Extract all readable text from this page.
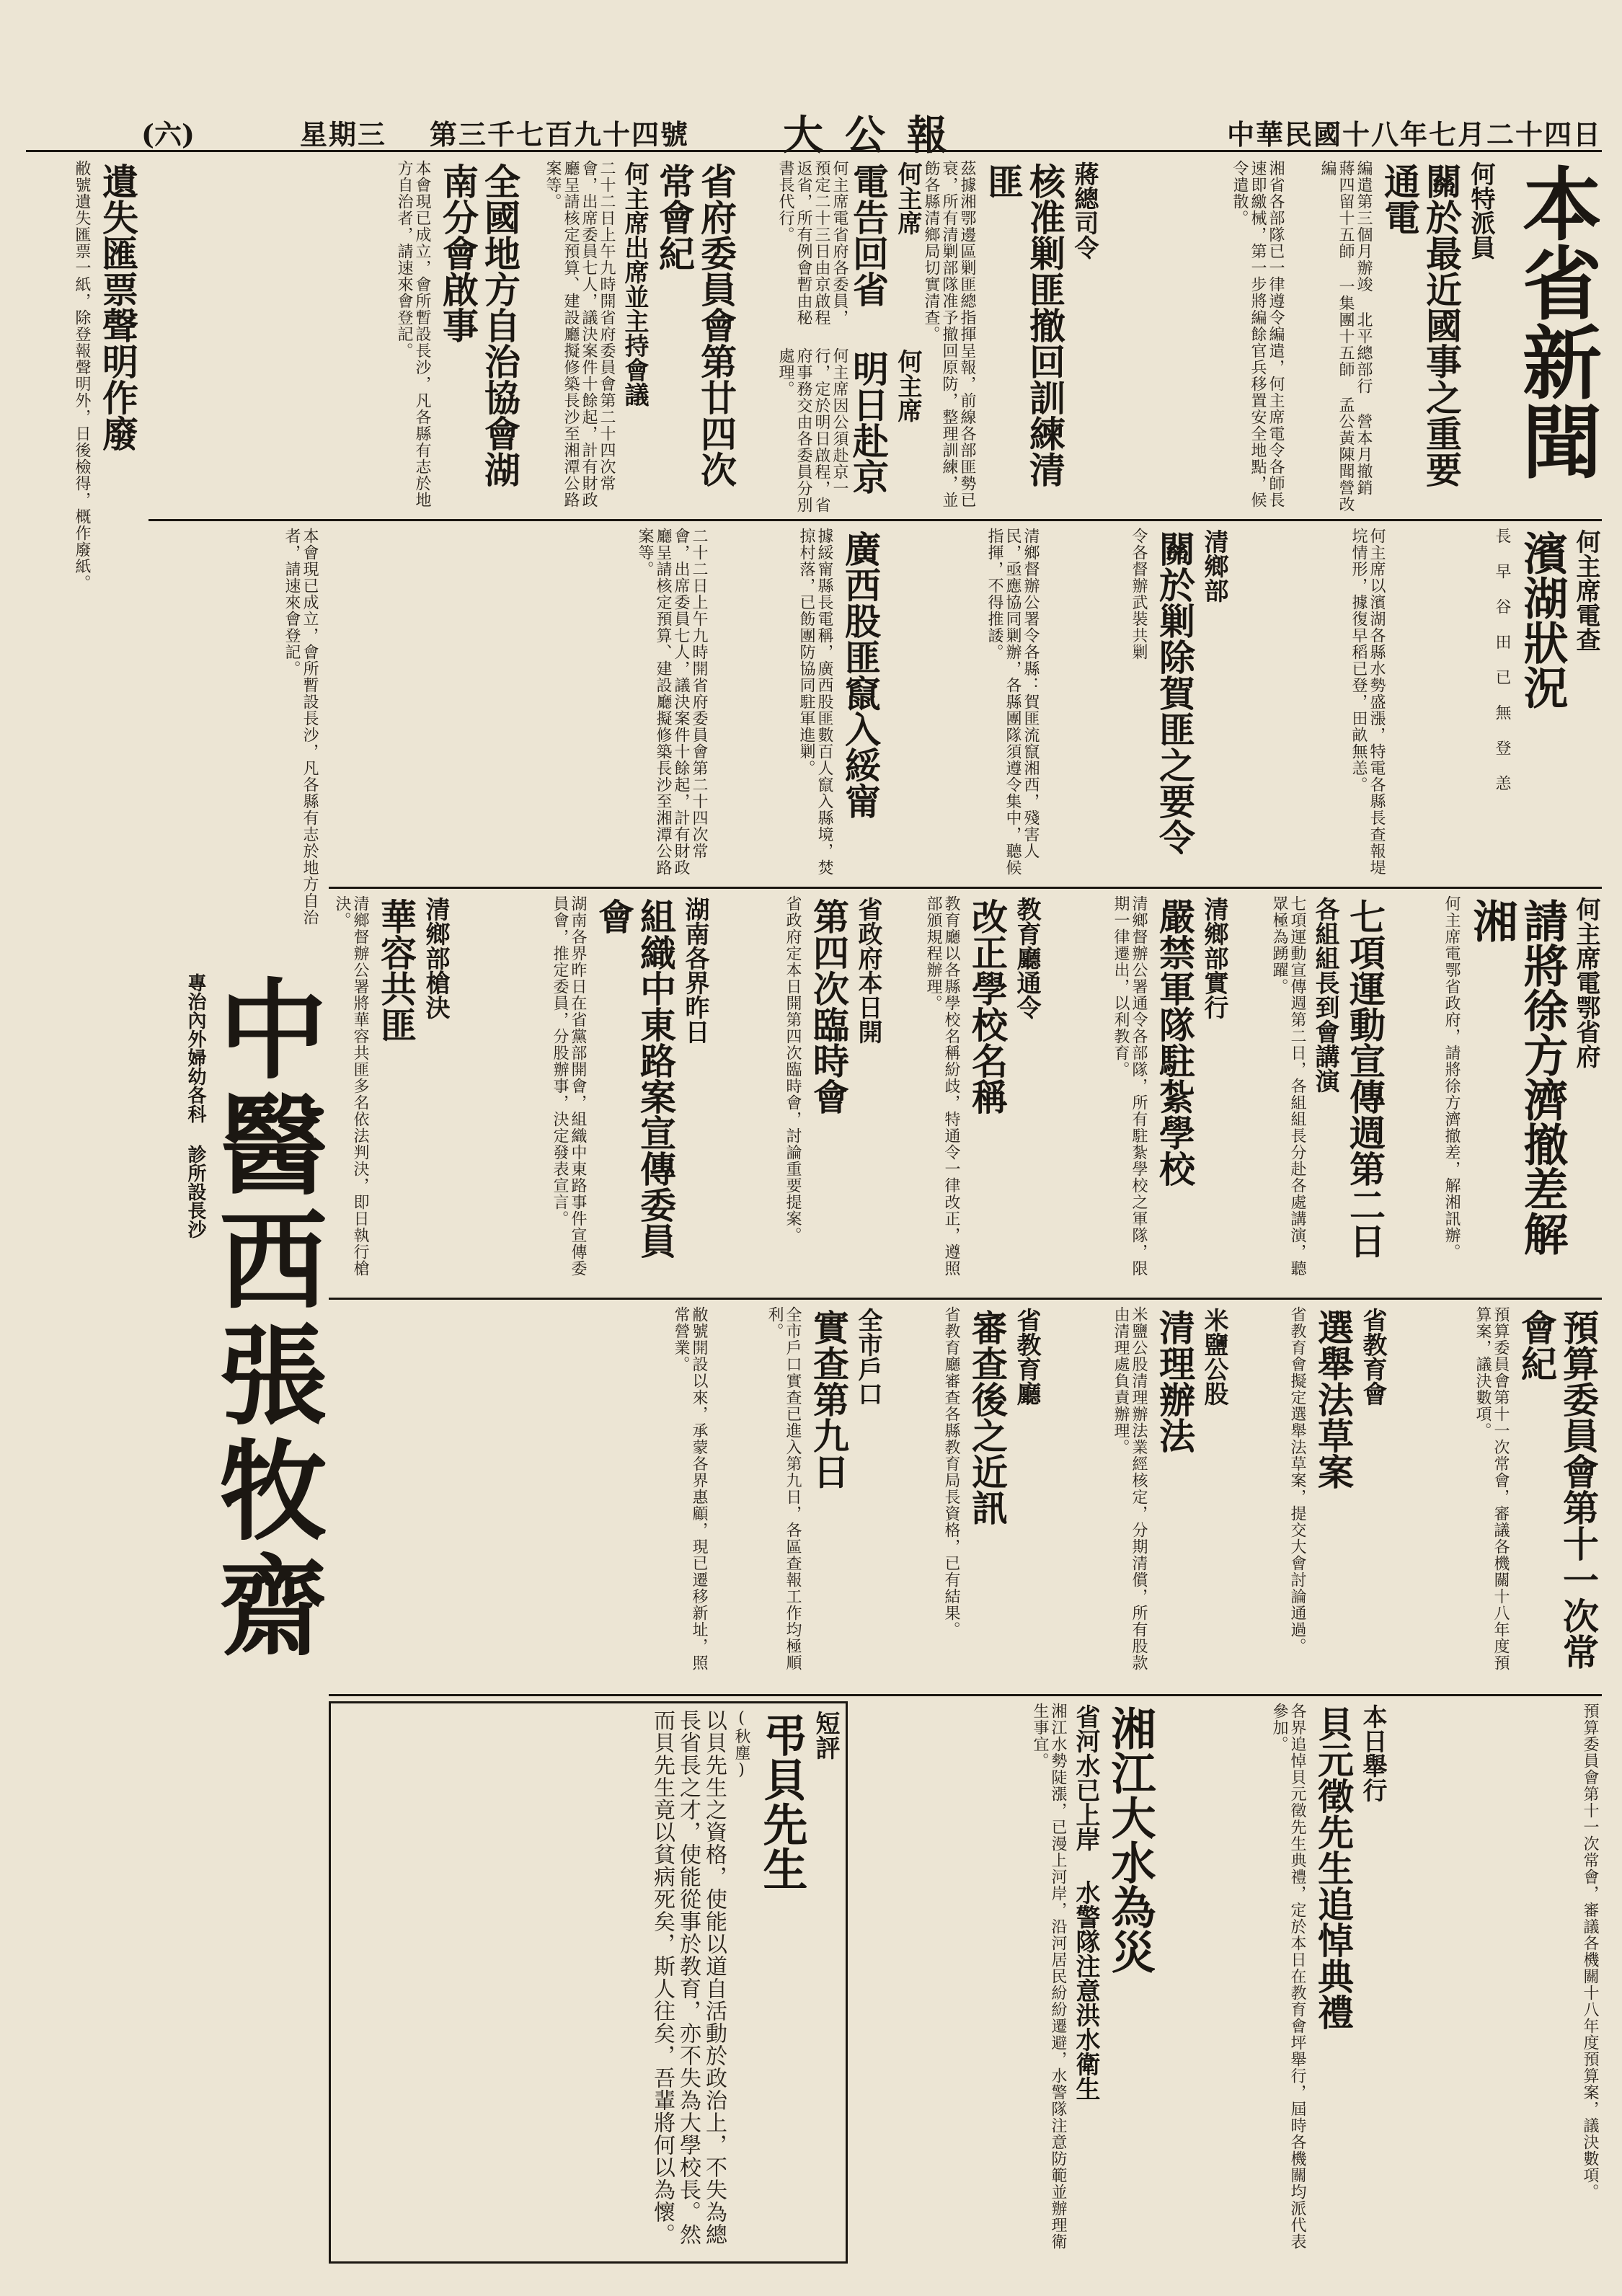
(六)	星期三 第三千七百九十四號 大公報	中華民國十八年七月二十四日
本省新聞
何特派員
關於最近國事之重要通電
編遣第三個月辦竣 北平總部行 營本月撤銷 蔣四留十五師 一集團十五師 孟公黃陳聞營改編
湘省各部隊已一律遵令編遣，何主席電令各師長速即繳械，第一步將編餘官兵移置安全地點，候令遣散。
蔣總司令
核准剿匪撤回訓練清匪
茲據湘鄂邊區剿匪總指揮呈報，前線各部匪勢已衰，所有清剿部隊准予撤回原防，整理訓練，並飭各縣清鄉局切實清查。
何主席
電告回省
何主席電省府各委員，預定二十三日由京啟程返省，所有例會暫由秘書長代行。
何主席
明日赴京
何主席因公須赴京一行，定於明日啟程，省府事務交由各委員分別處理。
省府委員會第廿四次常會紀
何主席出席並主持會議
二十二日上午九時開省府委員會第二十四次常會，出席委員七人，議決案件十餘起，計有財政廳呈請核定預算、建設廳擬修築長沙至湘潭公路案等。
全國地方自治協會湖南分會啟事
本會現已成立，會所暫設長沙，凡各縣有志於地方自治者，請速來會登記。
遺失匯票聲明作廢
敝號遺失匯票一紙，除登報聲明外，日後檢得，概作廢紙。	何主席電查
濱湖狀況
長 早 谷 田 已 無 登 恙
何主席以濱湖各縣水勢盛漲，特電各縣長查報堤垸情形，據復早稻已登，田畝無恙。
清鄉部
關於剿除賀匪之要令
令各督辦武裝共剿
清鄉督辦公署令各縣：賀匪流竄湘西，殘害人民，亟應協同剿辦，各縣團隊須遵令集中，聽候指揮，不得推諉。
廣西股匪竄入綏甯
據綏甯縣長電稱，廣西股匪數百人竄入縣境，焚掠村落，已飭團防協同駐軍進剿。
二十二日上午九時開省府委員會第二十四次常會，出席委員七人，議決案件十餘起，計有財政廳呈請核定預算、建設廳擬修築長沙至湘潭公路案等。
本會現已成立，會所暫設長沙，凡各縣有志於地方自治者，請速來會登記。
何主席電鄂省府
請將徐方濟撤差解湘
何主席電鄂省政府，請將徐方濟撤差，解湘訊辦。
七項運動宣傳週第二日
各組組長到會講演
七項運動宣傳週第二日，各組組長分赴各處講演，聽眾極為踴躍。
清鄉部實行
嚴禁軍隊駐紮學校
清鄉督辦公署通令各部隊，所有駐紮學校之軍隊，限期一律遷出，以利教育。
教育廳通令
改正學校名稱
教育廳以各縣學校名稱紛歧，特通令一律改正，遵照部頒規程辦理。
省政府本日開
第四次臨時會
省政府定本日開第四次臨時會，討論重要提案。
湖南各界昨日
組織中東路案宣傳委員會
湖南各界昨日在省黨部開會，組織中東路事件宣傳委員會，推定委員，分股辦事，決定發表宣言。
清鄉部槍決
華容共匪
清鄉督辦公署將華容共匪多名依法判決，即日執行槍決。
中醫西張牧齋
專治內外婦幼各科 診所設長沙
預算委員會第十一次常會紀
預算委員會第十一次常會，審議各機關十八年度預算案，議決數項。
省教育會
選舉法草案
省教育會擬定選舉法草案，提交大會討論通過。
米鹽公股
清理辦法
米鹽公股清理辦法業經核定，分期清償，所有股款由清理處負責辦理。
省教育廳
審查後之近訊
省教育廳審查各縣教育局長資格，已有結果。
全市戶口
實查第九日
全市戶口實查已進入第九日，各區查報工作均極順利。
敝號開設以來，承蒙各界惠顧，現已遷移新址，照常營業。
預算委員會第十一次常會，審議各機關十八年度預算案，議決數項。
本日舉行
貝元徵先生追悼典禮
各界追悼貝元徵先生典禮，定於本日在教育會坪舉行，屆時各機關均派代表參加。
湘江大水為災
省河水已上岸 水警隊注意洪水衛生
湘江水勢陡漲，已漫上河岸，沿河居民紛紛遷避，水警隊注意防範並辦理衛生事宜。
短評
弔貝先生
(秋塵)
以貝先生之資格，使能以道自活動於政治上，不失為總長省長之才，使能從事於教育，亦不失為大學校長。然而貝先生竟以貧病死矣，斯人往矣，吾輩將何以為懷。
